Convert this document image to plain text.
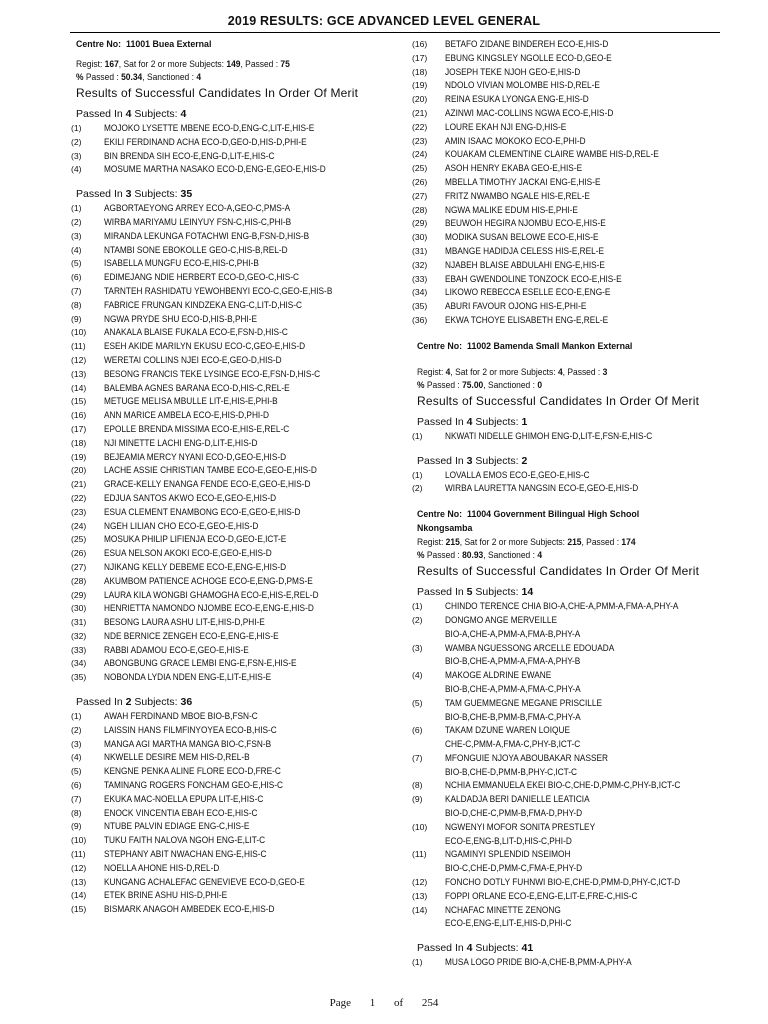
2019 RESULTS: GCE ADVANCED LEVEL GENERAL
Centre No: 11001 Buea External
Regist: 167, Sat for 2 or more Subjects: 149, Passed : 75
% Passed : 50.34, Sanctioned : 4
Results of Successful Candidates In Order Of Merit
Passed In 4 Subjects: 4
(1)	MOJOKO LYSETTE MBENE ECO-D,ENG-C,LIT-E,HIS-E
(2)	EKILI FERDINAND ACHA ECO-D,GEO-D,HIS-D,PHI-E
(3)	BIN BRENDA SIH ECO-E,ENG-D,LIT-E,HIS-C
(4)	MOSUME MARTHA NASAKO ECO-D,ENG-E,GEO-E,HIS-D
Passed In 3 Subjects: 35
(1)	AGBORTAEYONG ARREY ECO-A,GEO-C,PMS-A
(2)	WIRBA MARIYAMU LEINYUY FSN-C,HIS-C,PHI-B
(3)	MIRANDA LEKUNGA FOTACHWI ENG-B,FSN-D,HIS-B
(4)	NTAMBI SONE EBOKOLLE GEO-C,HIS-B,REL-D
(5)	ISABELLA MUNGFU ECO-E,HIS-C,PHI-B
(6)	EDIMEJANG NDIE HERBERT ECO-D,GEO-C,HIS-C
(7)	TARNTEH RASHIDATU YEWOHBENYI ECO-C,GEO-E,HIS-B
(8)	FABRICE FRUNGAN KINDZEKA ENG-C,LIT-D,HIS-C
(9)	NGWA PRYDE SHU ECO-D,HIS-B,PHI-E
(10)	ANAKALA BLAISE FUKALA ECO-E,FSN-D,HIS-C
(11)	ESEH AKIDE MARILYN EKUSU ECO-C,GEO-E,HIS-D
(12)	WERETAI COLLINS NJEI ECO-E,GEO-D,HIS-D
(13)	BESONG FRANCIS TEKE LYSINGE ECO-E,FSN-D,HIS-C
(14)	BALEMBA AGNES BARANA ECO-D,HIS-C,REL-E
(15)	METUGE MELISA MBULLE LIT-E,HIS-E,PHI-B
(16)	ANN MARICE AMBELA ECO-E,HIS-D,PHI-D
(17)	EPOLLE BRENDA MISSIMA ECO-E,HIS-E,REL-C
(18)	NJI MINETTE LACHI ENG-D,LIT-E,HIS-D
(19)	BEJEAMIA MERCY NYANI ECO-D,GEO-E,HIS-D
(20)	LACHE ASSIE CHRISTIAN TAMBE ECO-E,GEO-E,HIS-D
(21)	GRACE-KELLY ENANGA FENDE ECO-E,GEO-E,HIS-D
(22)	EDJUA SANTOS AKWO ECO-E,GEO-E,HIS-D
(23)	ESUA CLEMENT ENAMBONG ECO-E,GEO-E,HIS-D
(24)	NGEH LILIAN CHO ECO-E,GEO-E,HIS-D
(25)	MOSUKA PHILIP LIFIENJA ECO-D,GEO-E,ICT-E
(26)	ESUA NELSON AKOKI ECO-E,GEO-E,HIS-D
(27)	NJIKANG KELLY DEBEME ECO-E,ENG-E,HIS-D
(28)	AKUMBOM PATIENCE ACHOGE ECO-E,ENG-D,PMS-E
(29)	LAURA KILA WONGBI GHAMOGHA ECO-E,HIS-E,REL-D
(30)	HENRIETTA NAMONDO NJOMBE ECO-E,ENG-E,HIS-D
(31)	BESONG LAURA ASHU LIT-E,HIS-D,PHI-E
(32)	NDE BERNICE ZENGEH ECO-E,ENG-E,HIS-E
(33)	RABBI ADAMOU ECO-E,GEO-E,HIS-E
(34)	ABONGBUNG GRACE LEMBI ENG-E,FSN-E,HIS-E
(35)	NOBONDA LYDIA NDEN ENG-E,LIT-E,HIS-E
Passed In 2 Subjects: 36
(1)	AWAH FERDINAND MBOE BIO-B,FSN-C
(2)	LAISSIN HANS FILMFINYOYEA ECO-B,HIS-C
(3)	MANGA AGI MARTHA MANGA BIO-C,FSN-B
(4)	NKWELLE DESIRE MEM HIS-D,REL-B
(5)	KENGNE PENKA ALINE FLORE ECO-D,FRE-C
(6)	TAMINANG ROGERS FONCHAM GEO-E,HIS-C
(7)	EKUKA MAC-NOELLA EPUPA LIT-E,HIS-C
(8)	ENOCK VINCENTIA EBAH ECO-E,HIS-C
(9)	NTUBE PALVIN EDIAGE ENG-C,HIS-E
(10)	TUKU FAITH NALOVA NGOH ENG-E,LIT-C
(11)	STEPHANY ABIT NWACHAN ENG-E,HIS-C
(12)	NOELLA AHONE HIS-D,REL-D
(13)	KUNGANG ACHALEFAC GENEVIEVE ECO-D,GEO-E
(14)	ETEK BRINE ASHU HIS-D,PHI-E
(15)	BISMARK ANAGOH AMBEDEK ECO-E,HIS-D
(16)	BETAFO ZIDANE BINDEREH ECO-E,HIS-D
(17)	EBUNG KINGSLEY NGOLLE ECO-D,GEO-E
(18)	JOSEPH TEKE NJOH GEO-E,HIS-D
(19)	NDOLO VIVIAN MOLOMBE HIS-D,REL-E
(20)	REINA ESUKA LYONGA ENG-E,HIS-D
(21)	AZINWI MAC-COLLINS NGWA ECO-E,HIS-D
(22)	LOURE EKAH NJI ENG-D,HIS-E
(23)	AMIN ISAAC MOKOKO ECO-E,PHI-D
(24)	KOUAKAM CLEMENTINE CLAIRE WAMBE HIS-D,REL-E
(25)	ASOH HENRY EKABA GEO-E,HIS-E
(26)	MBELLA TIMOTHY JACKAI ENG-E,HIS-E
(27)	FRITZ NWAMBO NGALE HIS-E,REL-E
(28)	NGWA MALIKE EDUM HIS-E,PHI-E
(29)	BEUWOH HEGIRA NJOMBU ECO-E,HIS-E
(30)	MODIKA SUSAN BELOWE ECO-E,HIS-E
(31)	MBANGE HADIDJA CELESS HIS-E,REL-E
(32)	NJABEH BLAISE ABDULAHI ENG-E,HIS-E
(33)	EBAH GWENDOLINE TONZOCK ECO-E,HIS-E
(34)	LIKOWO REBECCA ESELLE ECO-E,ENG-E
(35)	ABURI FAVOUR OJONG HIS-E,PHI-E
(36)	EKWA TCHOYE ELISABETH ENG-E,REL-E
Centre No: 11002 Bamenda Small Mankon External
Regist: 4, Sat for 2 or more Subjects: 4, Passed : 3
% Passed : 75.00, Sanctioned : 0
Results of Successful Candidates In Order Of Merit
Passed In 4 Subjects: 1
(1)	NKWATI NIDELLE GHIMOH ENG-D,LIT-E,FSN-E,HIS-C
Passed In 3 Subjects: 2
(1)	LOVALLA EMOS ECO-E,GEO-E,HIS-C
(2)	WIRBA LAURETTA NANGSIN ECO-E,GEO-E,HIS-D
Centre No: 11004 Government Bilingual High School
Nkongsamba
Regist: 215, Sat for 2 or more Subjects: 215, Passed : 174
% Passed : 80.93, Sanctioned : 4
Results of Successful Candidates In Order Of Merit
Passed In 5 Subjects: 14
(1)	CHINDO TERENCE CHIA BIO-A,CHE-A,PMM-A,FMA-A,PHY-A
(2)	DONGMO ANGE MERVEILLE
BIO-A,CHE-A,PMM-A,FMA-B,PHY-A
(3)	WAMBA NGUESSONG ARCELLE EDOUADA
BIO-B,CHE-A,PMM-A,FMA-A,PHY-B
(4)	MAKOGE ALDRINE EWANE
BIO-B,CHE-A,PMM-A,FMA-C,PHY-A
(5)	TAM GUEMMEGNE MEGANE PRISCILLE
BIO-B,CHE-B,PMM-B,FMA-C,PHY-A
(6)	TAKAM DZUNE WAREN LOIQUE
CHE-C,PMM-A,FMA-C,PHY-B,ICT-C
(7)	MFONGUIE NJOYA ABOUBAKAR NASSER
BIO-B,CHE-D,PMM-B,PHY-C,ICT-C
(8)	NCHIA EMMANUELA EKEI BIO-C,CHE-D,PMM-C,PHY-B,ICT-C
(9)	KALDADJA BERI DANIELLE LEATICIA
BIO-D,CHE-C,PMM-B,FMA-D,PHY-D
(10)	NGWENYI MOFOR SONITA PRESTLEY
ECO-E,ENG-B,LIT-D,HIS-C,PHI-D
(11)	NGAMINYI SPLENDID NSEIMOH
BIO-C,CHE-D,PMM-C,FMA-E,PHY-D
(12)	FONCHO DOTLY FUHNWI BIO-E,CHE-D,PMM-D,PHY-C,ICT-D
(13)	FOPPI ORLANE ECO-E,ENG-E,LIT-E,FRE-C,HIS-C
(14)	NCHAFAC MINETTE ZENONG
ECO-E,ENG-E,LIT-E,HIS-D,PHI-C
Passed In 4 Subjects: 41
(1)	MUSA LOGO PRIDE BIO-A,CHE-B,PMM-A,PHY-A
Page 1 of 254
